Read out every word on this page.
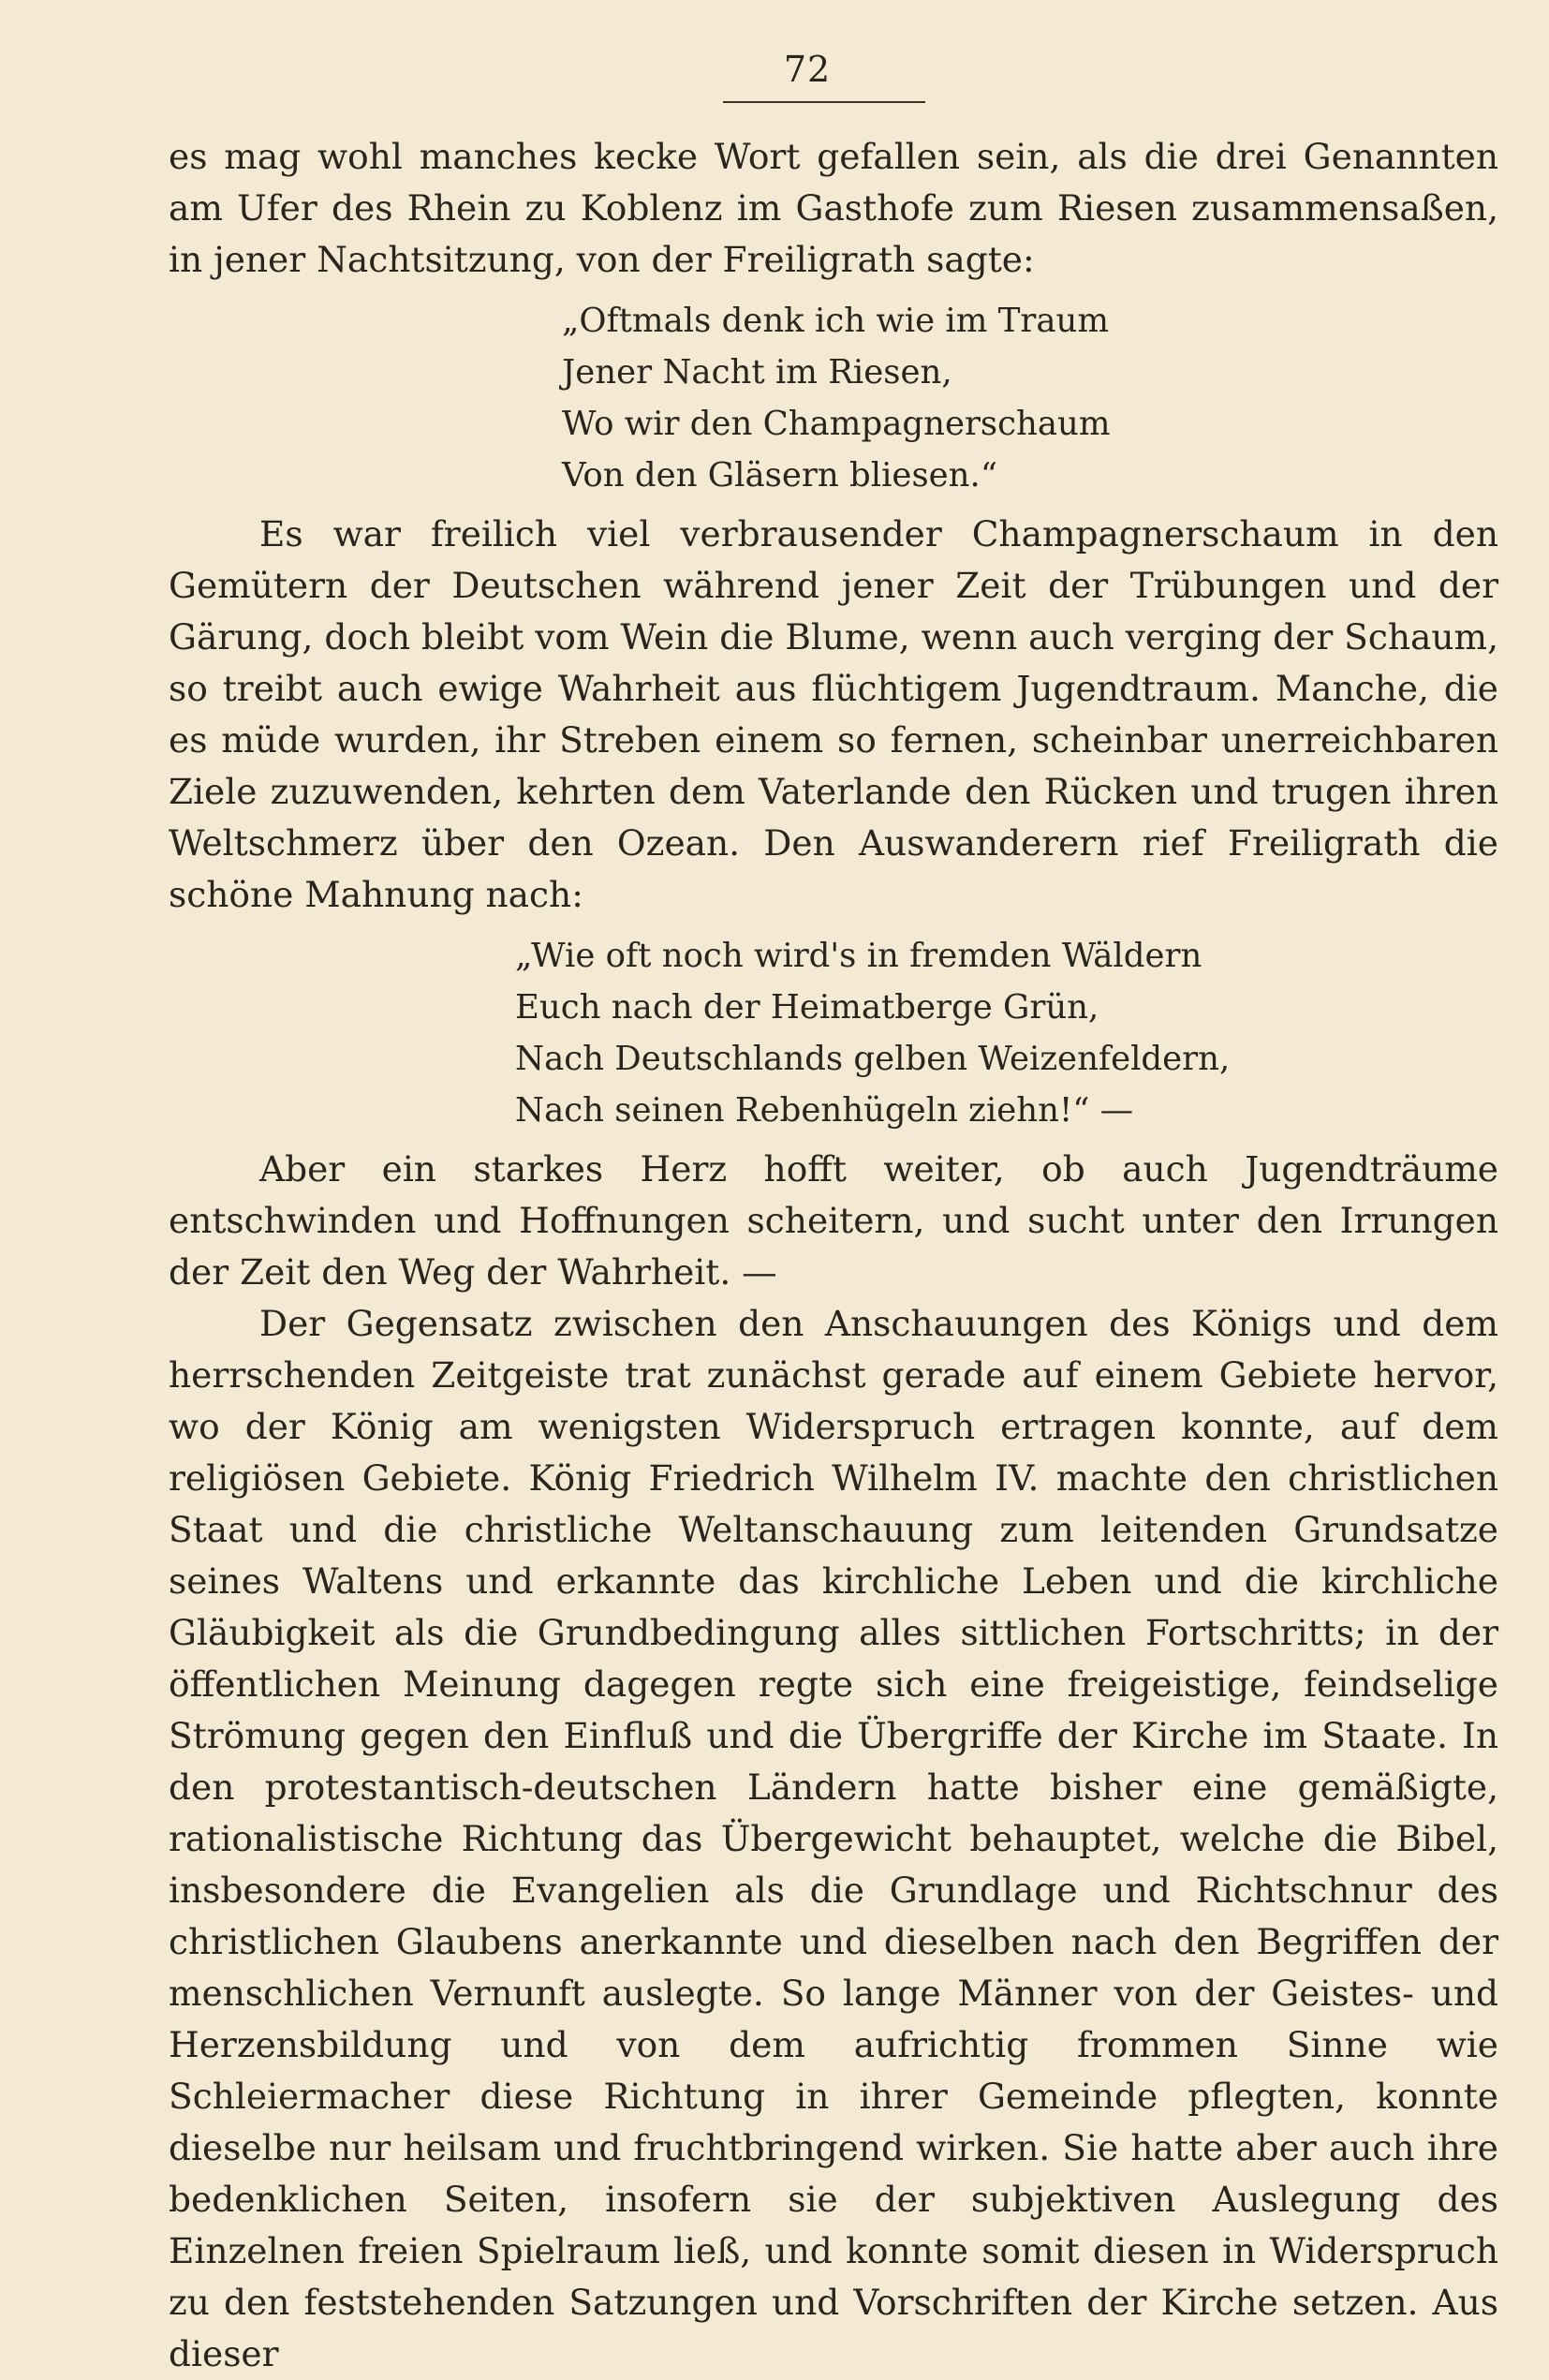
72

es mag wohl manches kecke Wort gefallen sein, als die drei Genannten am Ufer des Rhein zu Koblenz im Gasthofe zum Riesen zusammensaßen, in jener Nachtsitzung, von der Freiligrath sagte:

„Oftmals denk ich wie im Traum
Jener Nacht im Riesen,
Wo wir den Champagnerschaum
Von den Gläsern bliesen.“

Es war freilich viel verbrausender Champagnerschaum in den Gemütern der Deutschen während jener Zeit der Trübungen und der Gärung, doch bleibt vom Wein die Blume, wenn auch verging der Schaum, so treibt auch ewige Wahrheit aus flüchtigem Jugendtraum. Manche, die es müde wurden, ihr Streben einem so fernen, scheinbar unerreichbaren Ziele zuzuwenden, kehrten dem Vaterlande den Rücken und trugen ihren Weltschmerz über den Ozean. Den Auswanderern rief Freiligrath die schöne Mahnung nach:

„Wie oft noch wird's in fremden Wäldern
Euch nach der Heimatberge Grün,
Nach Deutschlands gelben Weizenfeldern,
Nach seinen Rebenhügeln ziehn!“ —

Aber ein starkes Herz hofft weiter, ob auch Jugendträume entschwinden und Hoffnungen scheitern, und sucht unter den Irrungen der Zeit den Weg der Wahrheit. —

Der Gegensatz zwischen den Anschauungen des Königs und dem herrschenden Zeitgeiste trat zunächst gerade auf einem Gebiete hervor, wo der König am wenigsten Widerspruch ertragen konnte, auf dem religiösen Gebiete. König Friedrich Wilhelm IV. machte den christlichen Staat und die christliche Weltanschauung zum leitenden Grundsatze seines Waltens und erkannte das kirchliche Leben und die kirchliche Gläubigkeit als die Grundbedingung alles sittlichen Fortschritts; in der öffentlichen Meinung dagegen regte sich eine freigeistige, feindselige Strömung gegen den Einfluß und die Übergriffe der Kirche im Staate. In den protestantisch-deutschen Ländern hatte bisher eine gemäßigte, rationalistische Richtung das Übergewicht behauptet, welche die Bibel, insbesondere die Evangelien als die Grundlage und Richtschnur des christlichen Glaubens anerkannte und dieselben nach den Begriffen der menschlichen Vernunft auslegte. So lange Männer von der Geistes- und Herzensbildung und von dem aufrichtig frommen Sinne wie Schleiermacher diese Richtung in ihrer Gemeinde pflegten, konnte dieselbe nur heilsam und fruchtbringend wirken. Sie hatte aber auch ihre bedenklichen Seiten, insofern sie der subjektiven Auslegung des Einzelnen freien Spielraum ließ, und konnte somit diesen in Widerspruch zu den feststehenden Satzungen und Vorschriften der Kirche setzen. Aus dieser
